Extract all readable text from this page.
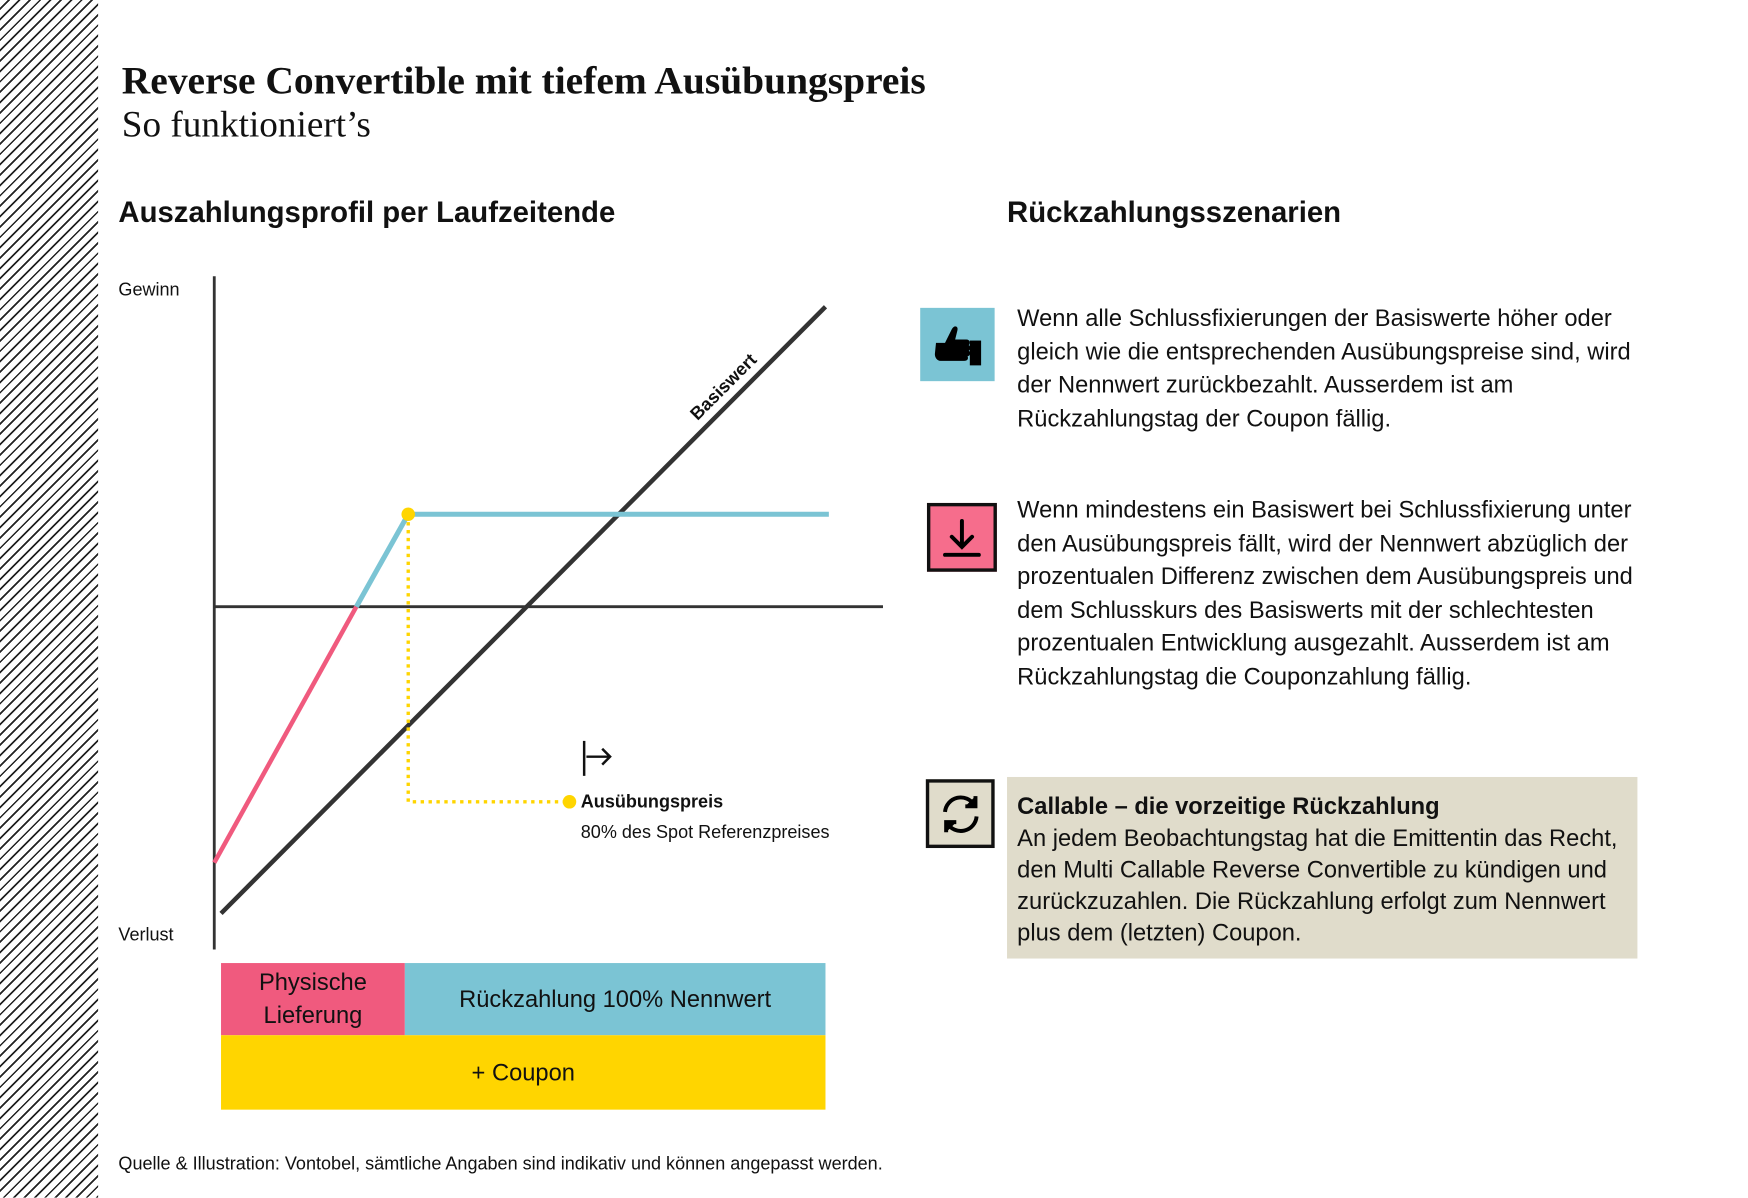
Reverse Convertible mit tiefem Ausübungspreis
So funktioniert’s
Auszahlungsprofil per Laufzeitende	Rückzahlungsszenarien
Gewinn
Verlust
Basiswert
Ausübungspreis
80% des Spot Referenzpreises
Physische Lieferung
Rückzahlung 100% Nennwert
+ Coupon
Wenn alle Schlussfixierungen der Basiswerte höher oder gleich wie die entsprechenden Ausübungspreise sind, wird der Nennwert zurückbezahlt. Ausserdem ist am Rückzahlungstag der Coupon fällig.
Wenn mindestens ein Basiswert bei Schlussfixierung unter den Ausübungspreis fällt, wird der Nennwert abzüglich der prozentualen Differenz zwischen dem Ausübungspreis und dem Schlusskurs des Basiswerts mit der schlechtesten prozentualen Entwicklung ausgezahlt. Ausserdem ist am Rückzahlungstag die Couponzahlung fällig.
Callable – die vorzeitige Rückzahlung
An jedem Beobachtungstag hat die Emittentin das Recht, den Multi Callable Reverse Convertible zu kündigen und zurückzuzahlen. Die Rückzahlung erfolgt zum Nennwert plus dem (letzten) Coupon.
Quelle & Illustration: Vontobel, sämtliche Angaben sind indikativ und können angepasst werden.
